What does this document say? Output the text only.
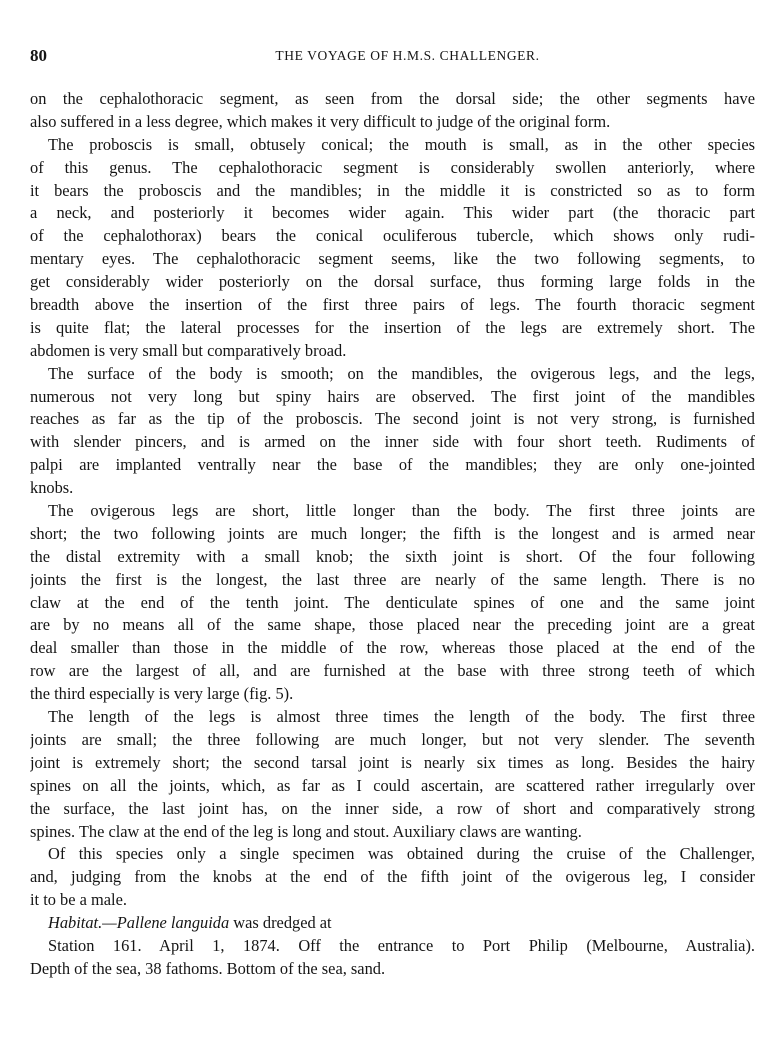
80	THE VOYAGE OF H.M.S. CHALLENGER.
on the cephalothoracic segment, as seen from the dorsal side; the other segments have
also suffered in a less degree, which makes it very difficult to judge of the original form.
The proboscis is small, obtusely conical; the mouth is small, as in the other species
of this genus. The cephalothoracic segment is considerably swollen anteriorly, where
it bears the proboscis and the mandibles; in the middle it is constricted so as to form
a neck, and posteriorly it becomes wider again. This wider part (the thoracic part
of the cephalothorax) bears the conical oculiferous tubercle, which shows only rudi-
mentary eyes. The cephalothoracic segment seems, like the two following segments, to
get considerably wider posteriorly on the dorsal surface, thus forming large folds in the
breadth above the insertion of the first three pairs of legs. The fourth thoracic segment
is quite flat; the lateral processes for the insertion of the legs are extremely short. The
abdomen is very small but comparatively broad.
The surface of the body is smooth; on the mandibles, the ovigerous legs, and the legs,
numerous not very long but spiny hairs are observed. The first joint of the mandibles
reaches as far as the tip of the proboscis. The second joint is not very strong, is furnished
with slender pincers, and is armed on the inner side with four short teeth. Rudiments of
palpi are implanted ventrally near the base of the mandibles; they are only one-jointed
knobs.
The ovigerous legs are short, little longer than the body. The first three joints are
short; the two following joints are much longer; the fifth is the longest and is armed near
the distal extremity with a small knob; the sixth joint is short. Of the four following
joints the first is the longest, the last three are nearly of the same length. There is no
claw at the end of the tenth joint. The denticulate spines of one and the same joint
are by no means all of the same shape, those placed near the preceding joint are a great
deal smaller than those in the middle of the row, whereas those placed at the end of the
row are the largest of all, and are furnished at the base with three strong teeth of which
the third especially is very large (fig. 5).
The length of the legs is almost three times the length of the body. The first three
joints are small; the three following are much longer, but not very slender. The seventh
joint is extremely short; the second tarsal joint is nearly six times as long. Besides the hairy
spines on all the joints, which, as far as I could ascertain, are scattered rather irregularly over
the surface, the last joint has, on the inner side, a row of short and comparatively strong
spines. The claw at the end of the leg is long and stout. Auxiliary claws are wanting.
Of this species only a single specimen was obtained during the cruise of the Challenger,
and, judging from the knobs at the end of the fifth joint of the ovigerous leg, I consider
it to be a male.
Habitat.—Pallene languida was dredged at
Station 161. April 1, 1874. Off the entrance to Port Philip (Melbourne, Australia).
Depth of the sea, 38 fathoms. Bottom of the sea, sand.
